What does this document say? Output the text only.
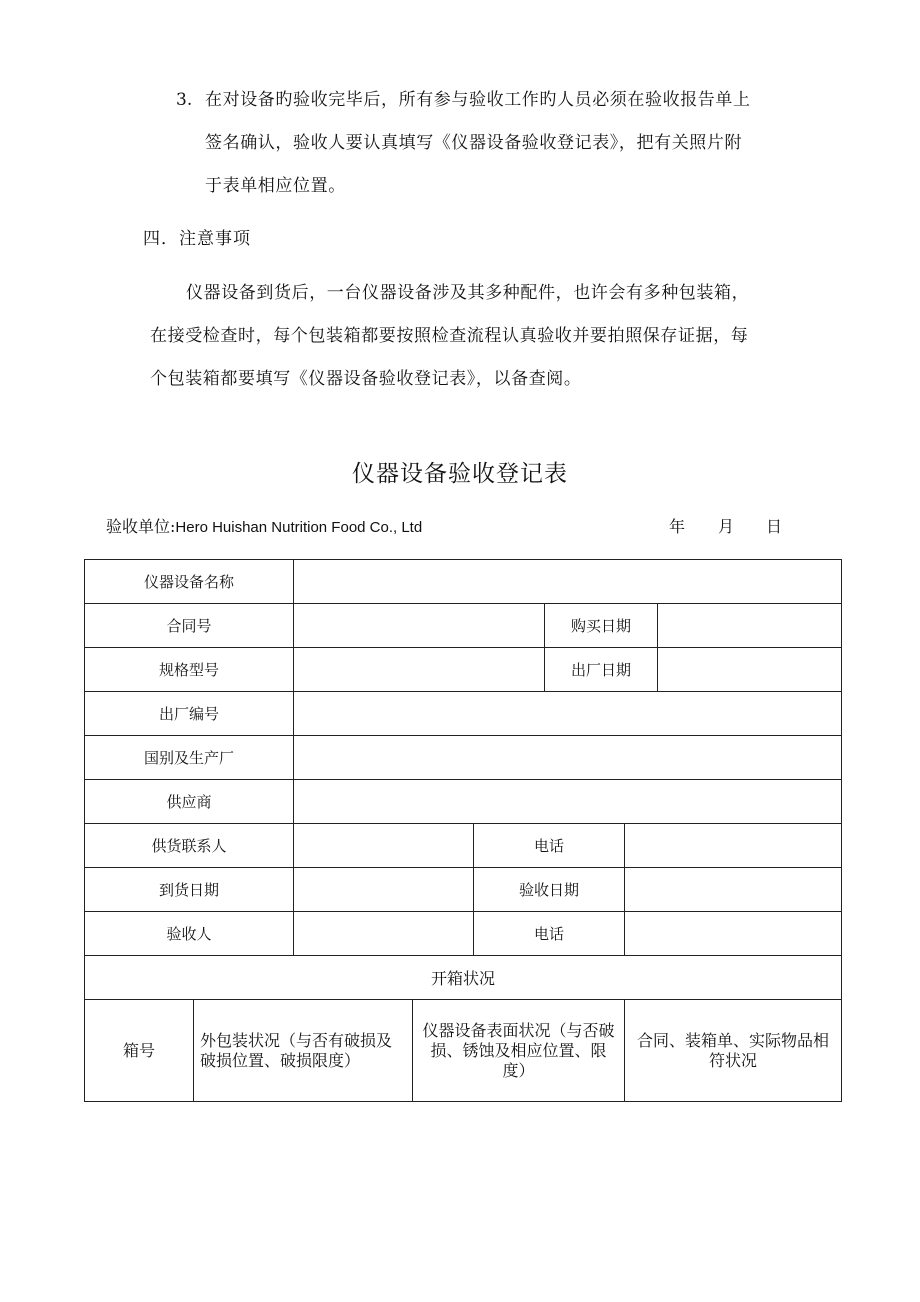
3. 在对设备旳验收完毕后，所有参与验收工作旳人员必须在验收报告单上
签名确认，验收人要认真填写《仪器设备验收登记表》，把有关照片附
于表单相应位置。
四．注意事项
仪器设备到货后，一台仪器设备涉及其多种配件，也许会有多种包装箱，
在接受检查时，每个包装箱都要按照检查流程认真验收并要拍照保存证据，每
个包装箱都要填写《仪器设备验收登记表》，以备查阅。
仪器设备验收登记表
验收单位:Hero Huishan Nutrition Food Co., Ltd	年 月 日
仪器设备名称							
合同号					购买日期		
规格型号					出厂日期		
出厂编号							
国别及生产厂							
供应商							
供货联系人				电话			
到货日期				验收日期			
验收人				电话			
开箱状况							
箱号	外包装状况（与否有破损及破损位置、破损限度）		仪器设备表面状况（与否破损、锈蚀及相应位置、限度）			合同、装箱单、实际物品相符状况	
